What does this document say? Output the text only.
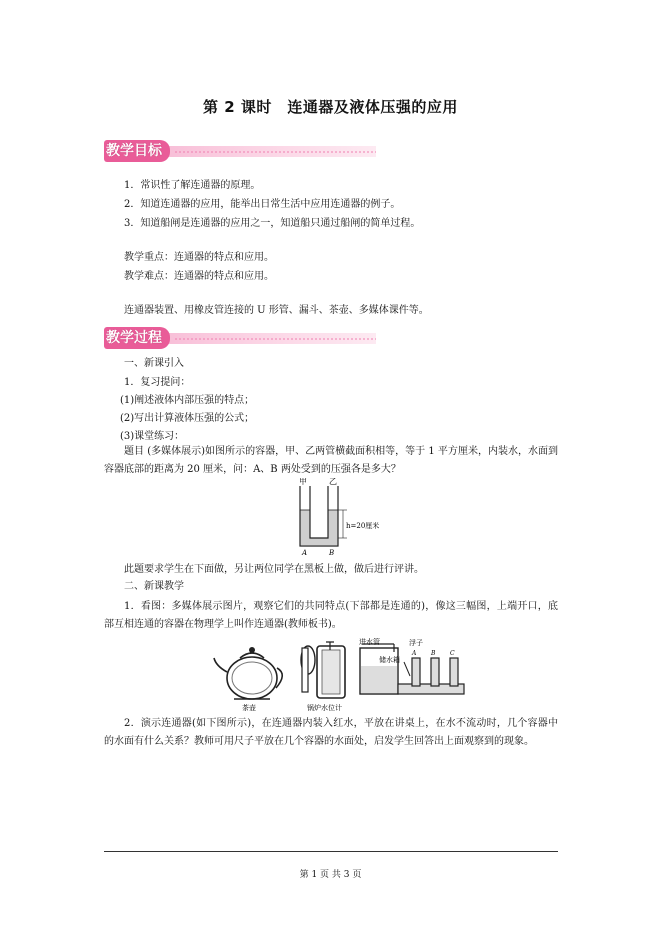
第 2 课时　连通器及液体压强的应用
教学目标
1．常识性了解连通器的原理。
2．知道连通器的应用，能举出日常生活中应用连通器的例子。
3．知道船闸是连通器的应用之一，知道船只通过船闸的简单过程。
教学重点：连通器的特点和应用。
教学难点：连通器的特点和应用。
连通器装置、用橡皮管连接的 U 形管、漏斗、茶壶、多媒体课件等。
教学过程
一、新课引入
1．复习提问：
(1)阐述液体内部压强的特点；
(2)写出计算液体压强的公式；
(3)课堂练习：
题目 (多媒体展示)如图所示的容器，甲、乙两管横截面积相等，等于 1 平方厘米，内装水，水面到容器底部的距离为 20 厘米，问：A、B 两处受到的压强各是多大？
甲	乙
A	B
h=20厘米
此题要求学生在下面做，另让两位同学在黑板上做，做后进行评讲。
二、新课教学
1．看图：多媒体展示图片，观察它们的共同特点(下部都是连通的)，像这三幅图，上端开口，底部互相连通的容器在物理学上叫作连通器(教师板书)。
茶壶	锅炉水位计
进水管
储水箱
浮子
A B C
2．演示连通器(如下图所示)，在连通器内装入红水，平放在讲桌上，在水不流动时，几个容器中的水面有什么关系？教师可用尺子平放在几个容器的水面处，启发学生回答出上面观察到的现象。
第 1 页 共 3 页
